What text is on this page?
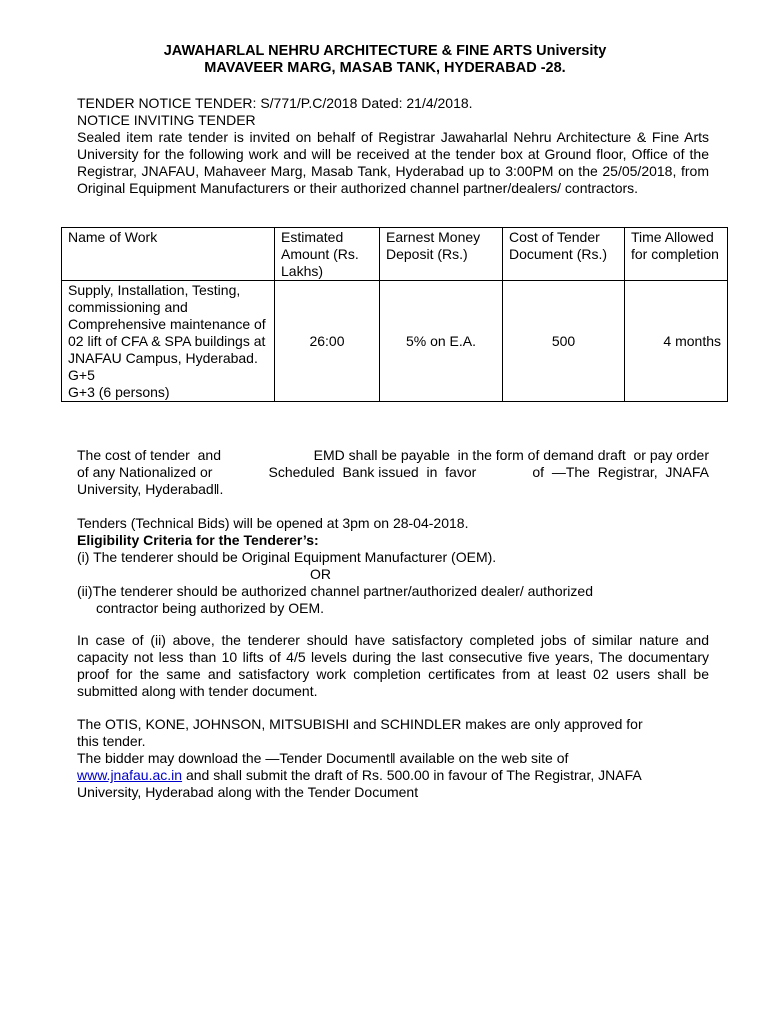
JAWAHARLAL NEHRU ARCHITECTURE & FINE ARTS University
MAVAVEER MARG, MASAB TANK, HYDERABAD -28.
TENDER NOTICE TENDER: S/771/P.C/2018 Dated: 21/4/2018.
NOTICE INVITING TENDER
Sealed item rate tender is invited on behalf of Registrar Jawaharlal Nehru Architecture & Fine Arts University for the following work and will be received at the tender box at Ground floor, Office of the Registrar, JNAFAU, Mahaveer Marg, Masab Tank, Hyderabad up to 3:00PM on the 25/05/2018, from Original Equipment Manufacturers or their authorized channel partner/dealers/ contractors.
Name of Work	Estimated Amount (Rs. Lakhs)	Earnest Money Deposit (Rs.)	Cost of Tender Document (Rs.)	Time Allowed for completion

Supply, Installation, Testing, commissioning and Comprehensive maintenance of 02 lift of CFA & SPA buildings at JNAFAU Campus, Hyderabad.
G+5
G+3 (6 persons)	26:00	5% on E.A.	500	4 months
The cost of tender  and	EMD shall be payable  in the form of demand draft  or pay order
of any Nationalized or	Scheduled  Bank issued  in  favor	of  ―The  Registrar,  JNAFA
University, Hyderabad‖.
Tenders (Technical Bids) will be opened at 3pm on 28-04-2018.
Eligibility Criteria for the Tenderer’s:
(i) The tenderer should be Original Equipment Manufacturer (OEM).
OR
(ii)The tenderer should be authorized channel partner/authorized dealer/ authorized
contractor being authorized by OEM.
In case of (ii) above, the tenderer should have satisfactory completed jobs of similar nature and capacity not less than 10 lifts of 4/5 levels during the last consecutive five years, The documentary proof for the same and satisfactory work completion certificates from at least 02 users shall be submitted along with tender document.
The OTIS, KONE, JOHNSON, MITSUBISHI and SCHINDLER makes are only approved for
this tender.
The bidder may download the ―Tender Document‖ available on the web site of
www.jnafau.ac.in and shall submit the draft of Rs. 500.00 in favour of The Registrar, JNAFA
University, Hyderabad along with the Tender Document
